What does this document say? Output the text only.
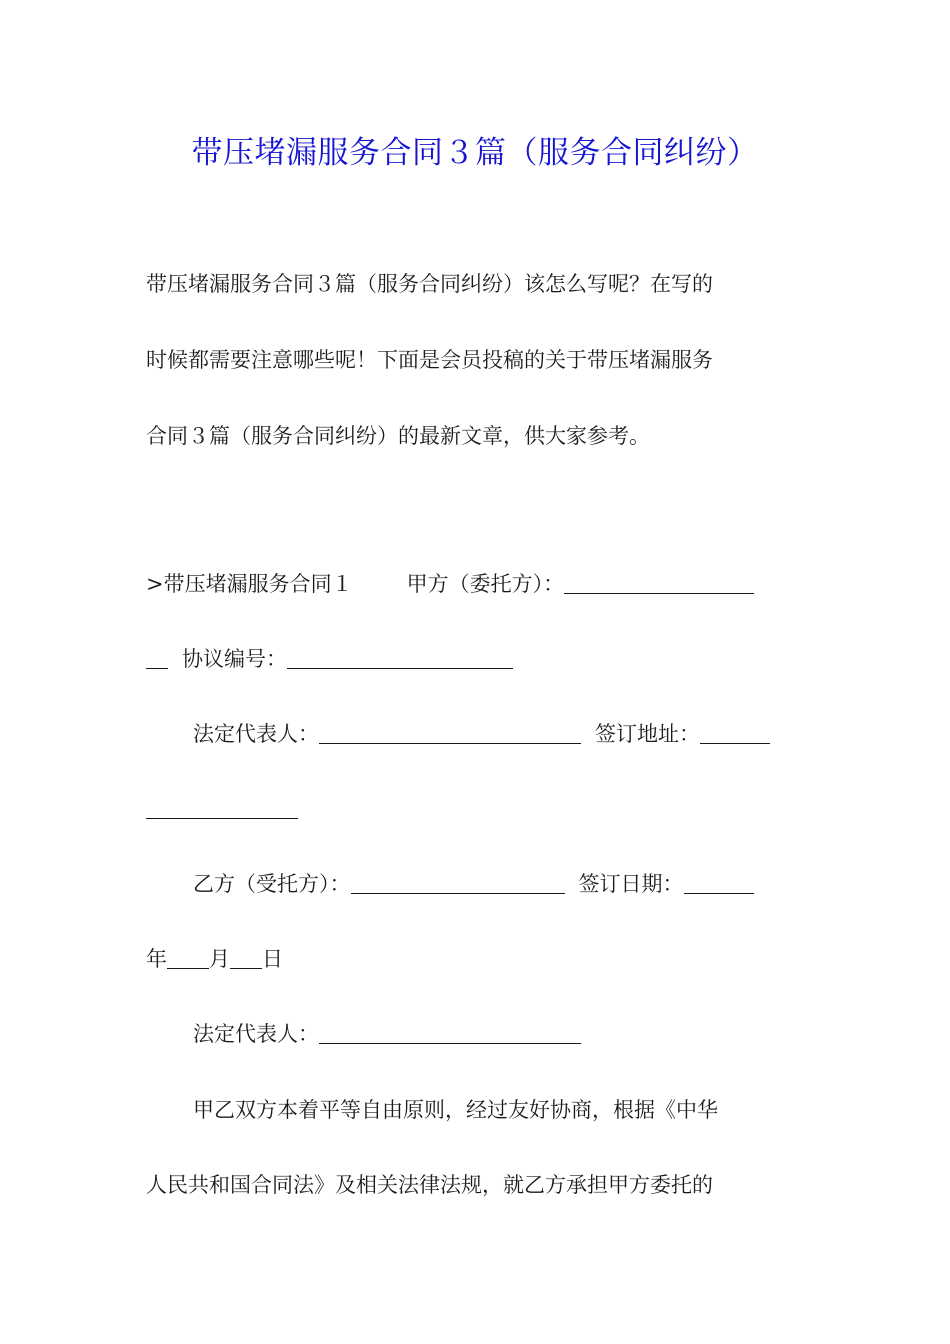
带压堵漏服务合同３篇（服务合同纠纷）

带压堵漏服务合同３篇（服务合同纠纷）该怎么写呢？在写的

时候都需要注意哪些呢！下面是会员投稿的关于带压堵漏服务

合同３篇（服务合同纠纷）的最新文章，供大家参考。

>带压堵漏服务合同１	甲方（委托方）：

协议编号：

法定代表人：	签订地址：

乙方（受托方）：	签订日期：

年 月 日

法定代表人：

甲乙双方本着平等自由原则，经过友好协商，根据《中华

人民共和国合同法》及相关法律法规，就乙方承担甲方委托的
